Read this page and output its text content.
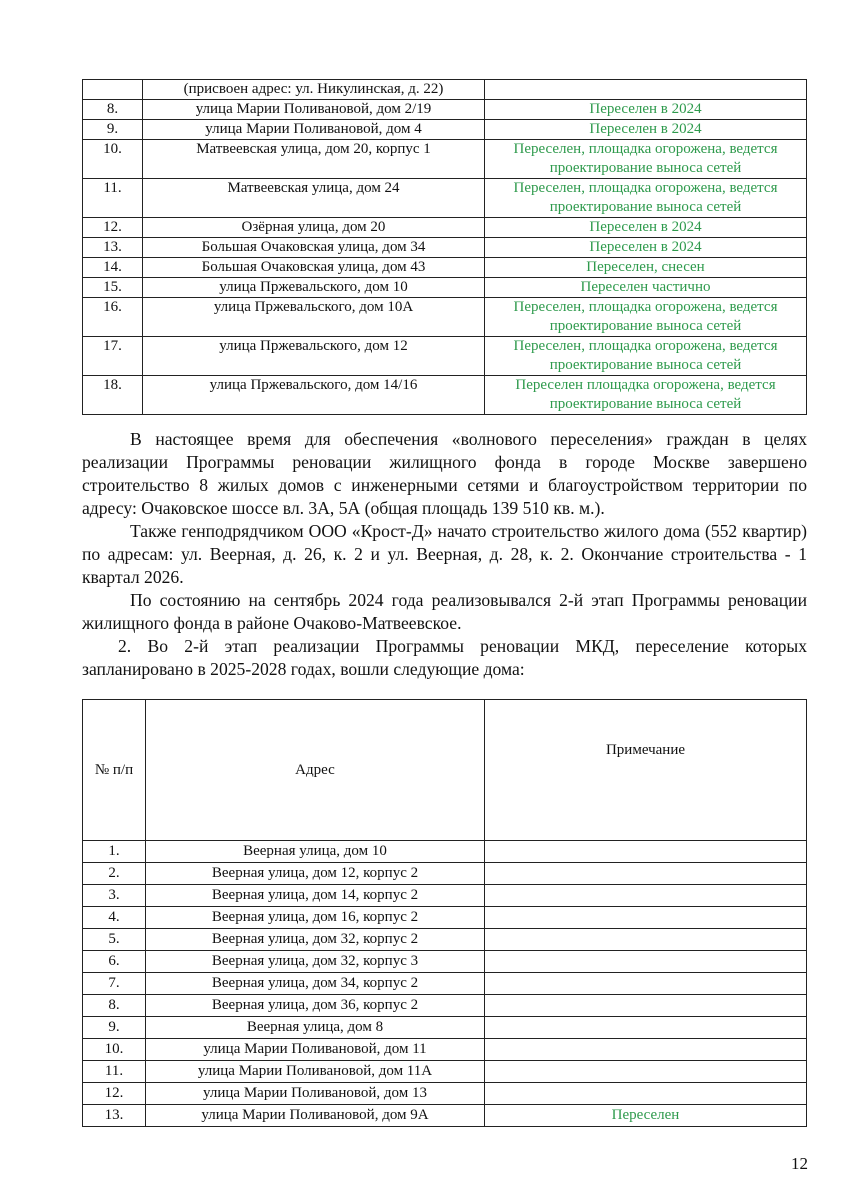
	(присвоен адрес: ул. Никулинская, д. 22)	
8.	улица Марии Поливановой, дом 2/19	Переселен в 2024
9.	улица Марии Поливановой, дом 4	Переселен в 2024
10.	Матвеевская улица, дом 20, корпус 1	Переселен, площадка огорожена, ведется проектирование выноса сетей
11.	Матвеевская улица, дом 24	Переселен, площадка огорожена, ведется проектирование выноса сетей
12.	Озёрная улица, дом 20	Переселен в 2024
13.	Большая Очаковская улица, дом 34	Переселен в 2024
14.	Большая Очаковская улица, дом 43	Переселен, снесен
15.	улица Пржевальского, дом 10	Переселен частично
16.	улица Пржевальского, дом 10А	Переселен, площадка огорожена, ведется проектирование выноса сетей
17.	улица Пржевальского, дом 12	Переселен, площадка огорожена, ведется проектирование выноса сетей
18.	улица Пржевальского, дом 14/16	Переселен площадка огорожена, ведется проектирование выноса сетей

В настоящее время для обеспечения «волнового переселения» граждан в целях реализации Программы реновации жилищного фонда в городе Москве завершено строительство 8 жилых домов с инженерными сетями и благоустройством территории по адресу: Очаковское шоссе вл. 3А, 5А (общая площадь 139 510 кв. м.).

Также генподрядчиком ООО «Крост-Д» начато строительство жилого дома (552 квартир) по адресам: ул. Веерная, д. 26, к. 2 и ул. Веерная, д. 28, к. 2. Окончание строительства - 1 квартал 2026.

По состоянию на сентябрь 2024 года реализовывался 2-й этап Программы реновации жилищного фонда в районе Очаково-Матвеевское.

2. Во 2-й этап реализации Программы реновации МКД, переселение которых запланировано в 2025-2028 годах, вошли следующие дома:

№ п/п	Адрес	Примечание
1.	Веерная улица, дом 10	
2.	Веерная улица, дом 12, корпус 2	
3.	Веерная улица, дом 14, корпус 2	
4.	Веерная улица, дом 16, корпус 2	
5.	Веерная улица, дом 32, корпус 2	
6.	Веерная улица, дом 32, корпус 3	
7.	Веерная улица, дом 34, корпус 2	
8.	Веерная улица, дом 36, корпус 2	
9.	Веерная улица, дом 8	
10.	улица Марии Поливановой, дом 11	
11.	улица Марии Поливановой, дом 11А	
12.	улица Марии Поливановой, дом 13	
13.	улица Марии Поливановой, дом 9А	Переселен
12
